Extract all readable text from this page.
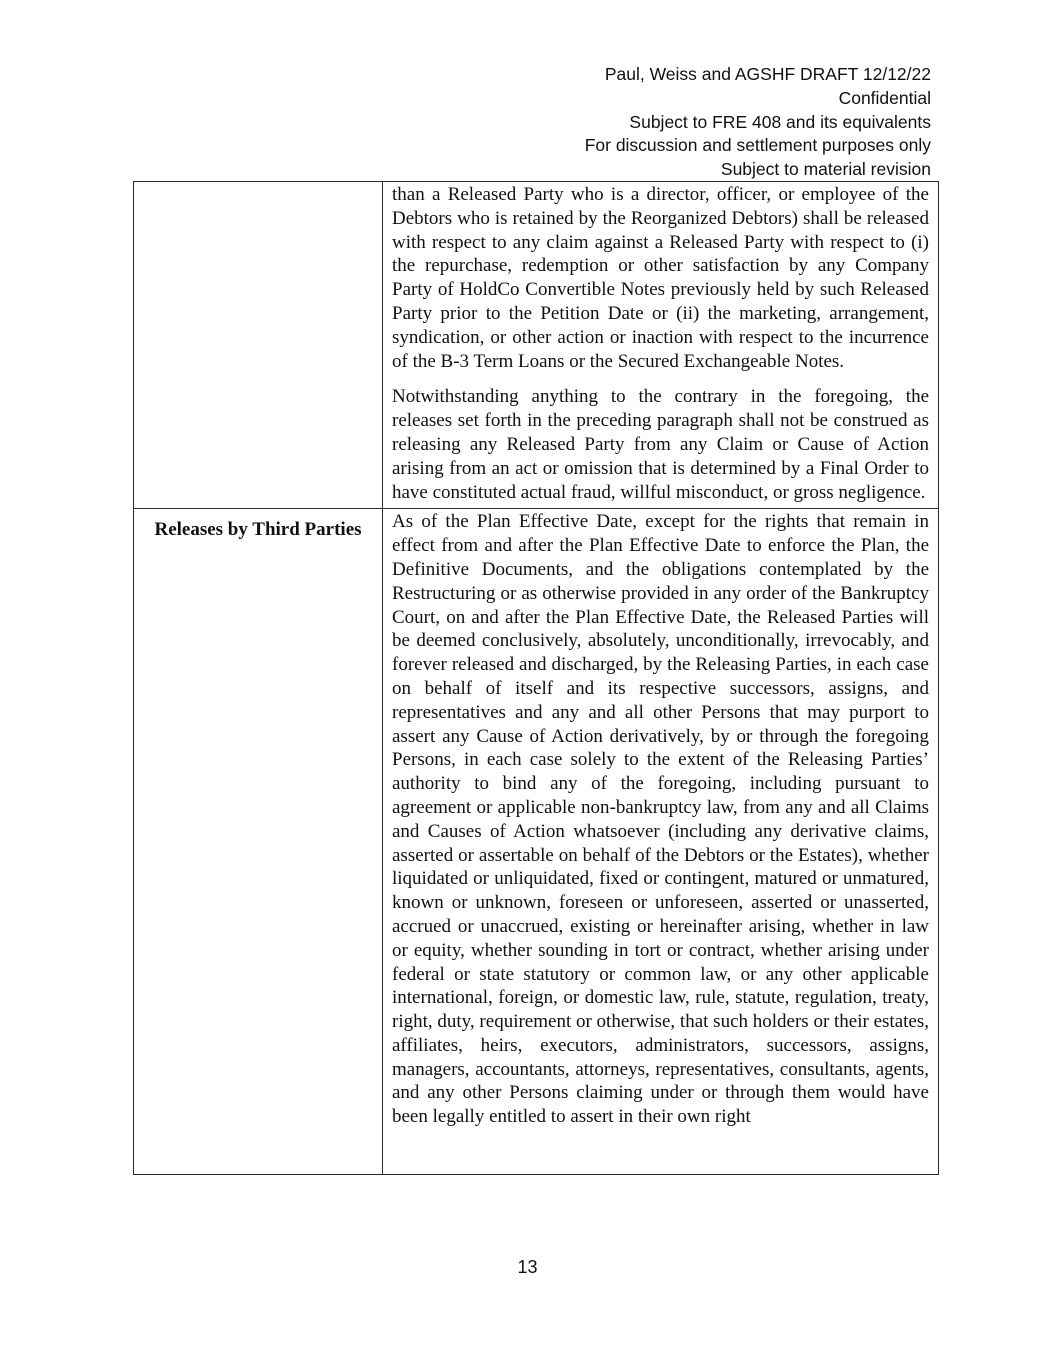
Paul, Weiss and AGSHF DRAFT 12/12/22
Confidential
Subject to FRE 408 and its equivalents
For discussion and settlement purposes only
Subject to material revision

	than a Released Party who is a director, officer, or employee of the Debtors who is retained by the Reorganized Debtors) shall be released with respect to any claim against a Released Party with respect to (i) the repurchase, redemption or other satisfaction by any Company Party of HoldCo Convertible Notes previously held by such Released Party prior to the Petition Date or (ii) the marketing, arrangement, syndication, or other action or inaction with respect to the incurrence of the B-3 Term Loans or the Secured Exchangeable Notes.

Notwithstanding anything to the contrary in the foregoing, the releases set forth in the preceding paragraph shall not be construed as releasing any Released Party from any Claim or Cause of Action arising from an act or omission that is determined by a Final Order to have constituted actual fraud, willful misconduct, or gross negligence.

Releases by Third Parties	As of the Plan Effective Date, except for the rights that remain in effect from and after the Plan Effective Date to enforce the Plan, the Definitive Documents, and the obligations contemplated by the Restructuring or as otherwise provided in any order of the Bankruptcy Court, on and after the Plan Effective Date, the Released Parties will be deemed conclusively, absolutely, unconditionally, irrevocably, and forever released and discharged, by the Releasing Parties, in each case on behalf of itself and its respective successors, assigns, and representatives and any and all other Persons that may purport to assert any Cause of Action derivatively, by or through the foregoing Persons, in each case solely to the extent of the Releasing Parties’ authority to bind any of the foregoing, including pursuant to agreement or applicable non-bankruptcy law, from any and all Claims and Causes of Action whatsoever (including any derivative claims, asserted or assertable on behalf of the Debtors or the Estates), whether liquidated or unliquidated, fixed or contingent, matured or unmatured, known or unknown, foreseen or unforeseen, asserted or unasserted, accrued or unaccrued, existing or hereinafter arising, whether in law or equity, whether sounding in tort or contract, whether arising under federal or state statutory or common law, or any other applicable international, foreign, or domestic law, rule, statute, regulation, treaty, right, duty, requirement or otherwise, that such holders or their estates, affiliates, heirs, executors, administrators, successors, assigns, managers, accountants, attorneys, representatives, consultants, agents, and any other Persons claiming under or through them would have been legally entitled to assert in their own right

13
